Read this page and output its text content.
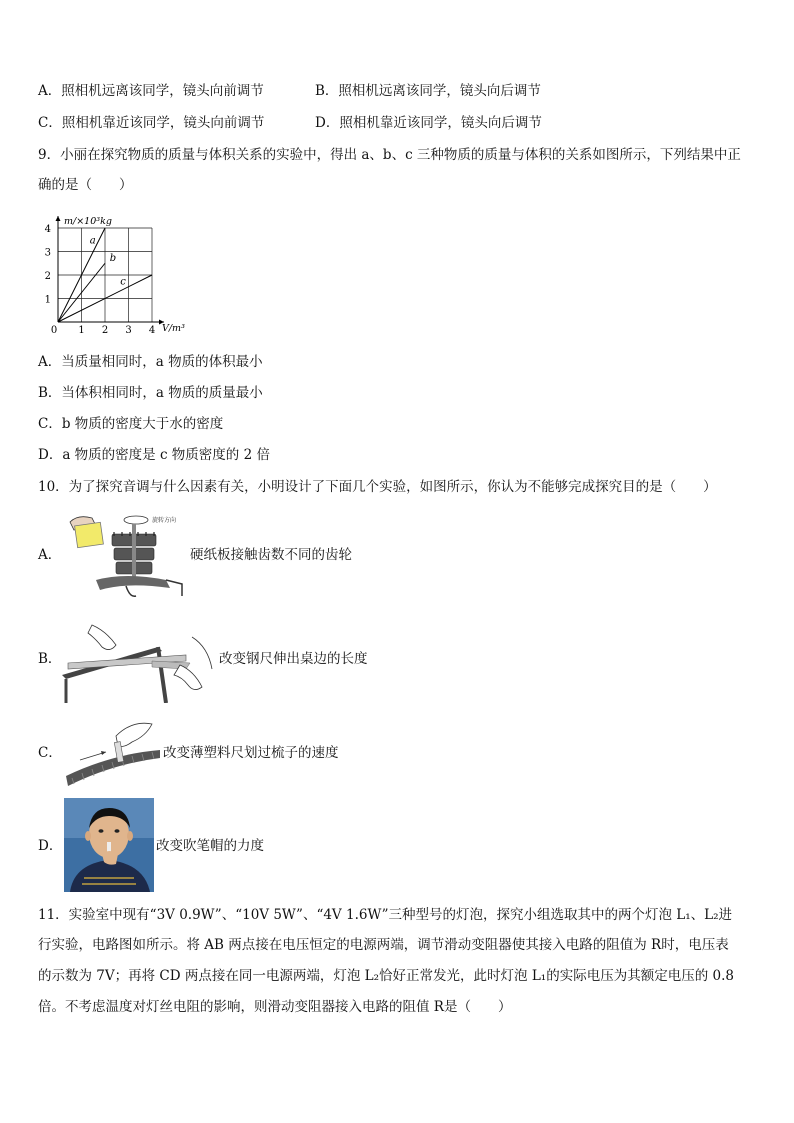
A．照相机远离该同学，镜头向前调节	B．照相机远离该同学，镜头向后调节
C．照相机靠近该同学，镜头向前调节	D．照相机靠近该同学，镜头向后调节
9．小丽在探究物质的质量与体积关系的实验中，得出 a、b、c 三种物质的质量与体积的关系如图所示，下列结果中正
确的是（　　）
0 1 2 3 4
1
2
3
4
m/×10³kg
V/m³
a
b
c
A．当质量相同时，a 物质的体积最小
B．当体积相同时，a 物质的质量最小
C．b 物质的密度大于水的密度
D．a 物质的密度是 c 物质密度的 2 倍
10．为了探究音调与什么因素有关，小明设计了下面几个实验，如图所示，你认为不能够完成探究目的是（　　）
A．
旋转方向
硬纸板接触齿数不同的齿轮
B．	改变钢尺伸出桌边的长度
C．	改变薄塑料尺划过梳子的速度
D．	改变吹笔帽的力度
11．实验室中现有“3V 0.9W”、“10V 5W”、“4V 1.6W”三种型号的灯泡，探究小组选取其中的两个灯泡 L₁、L₂进
行实验，电路图如所示。将 AB 两点接在电压恒定的电源两端，调节滑动变阻器使其接入电路的阻值为 R时，电压表
的示数为 7V；再将 CD 两点接在同一电源两端，灯泡 L₂恰好正常发光，此时灯泡 L₁的实际电压为其额定电压的 0.8
倍。不考虑温度对灯丝电阻的影响，则滑动变阻器接入电路的阻值 R是（　　）
